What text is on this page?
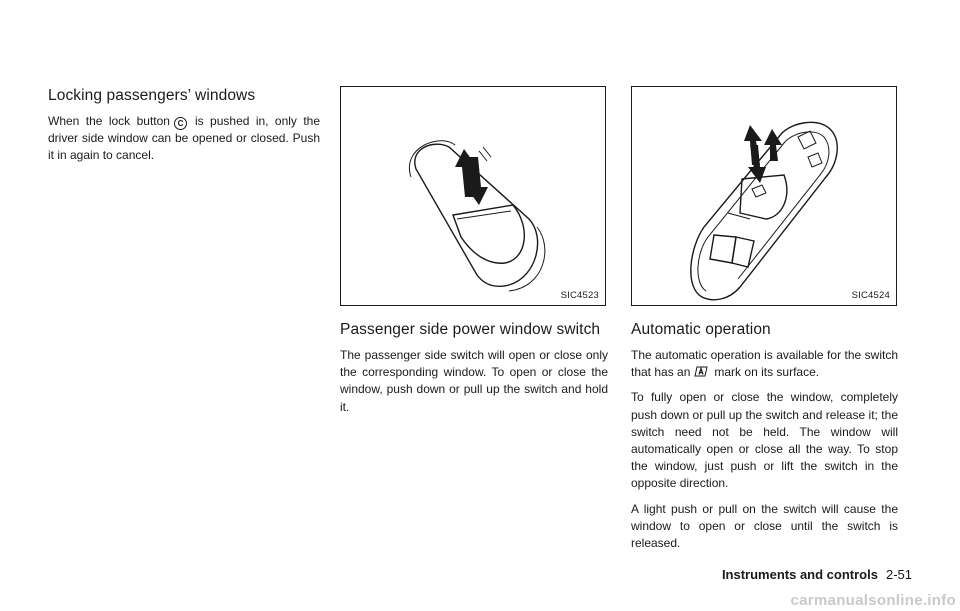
Locking passengers’ windows

When the lock button C is pushed in, only the driver side window can be opened or closed. Push it in again to cancel.

SIC4523
Passenger side power window switch

The passenger side switch will open or close only the corresponding window. To open or close the window, push down or pull up the switch and hold it.

SIC4524
Automatic operation

The automatic operation is available for the switch that has an mark on its surface.

To fully open or close the window, completely push down or pull up the switch and release it; the switch need not be held. The window will automatically open or close all the way. To stop the window, just push or lift the switch in the opposite direction.

A light push or pull on the switch will cause the window to open or close until the switch is released.

Instruments and controls 2-51
carmanualsonline.info
